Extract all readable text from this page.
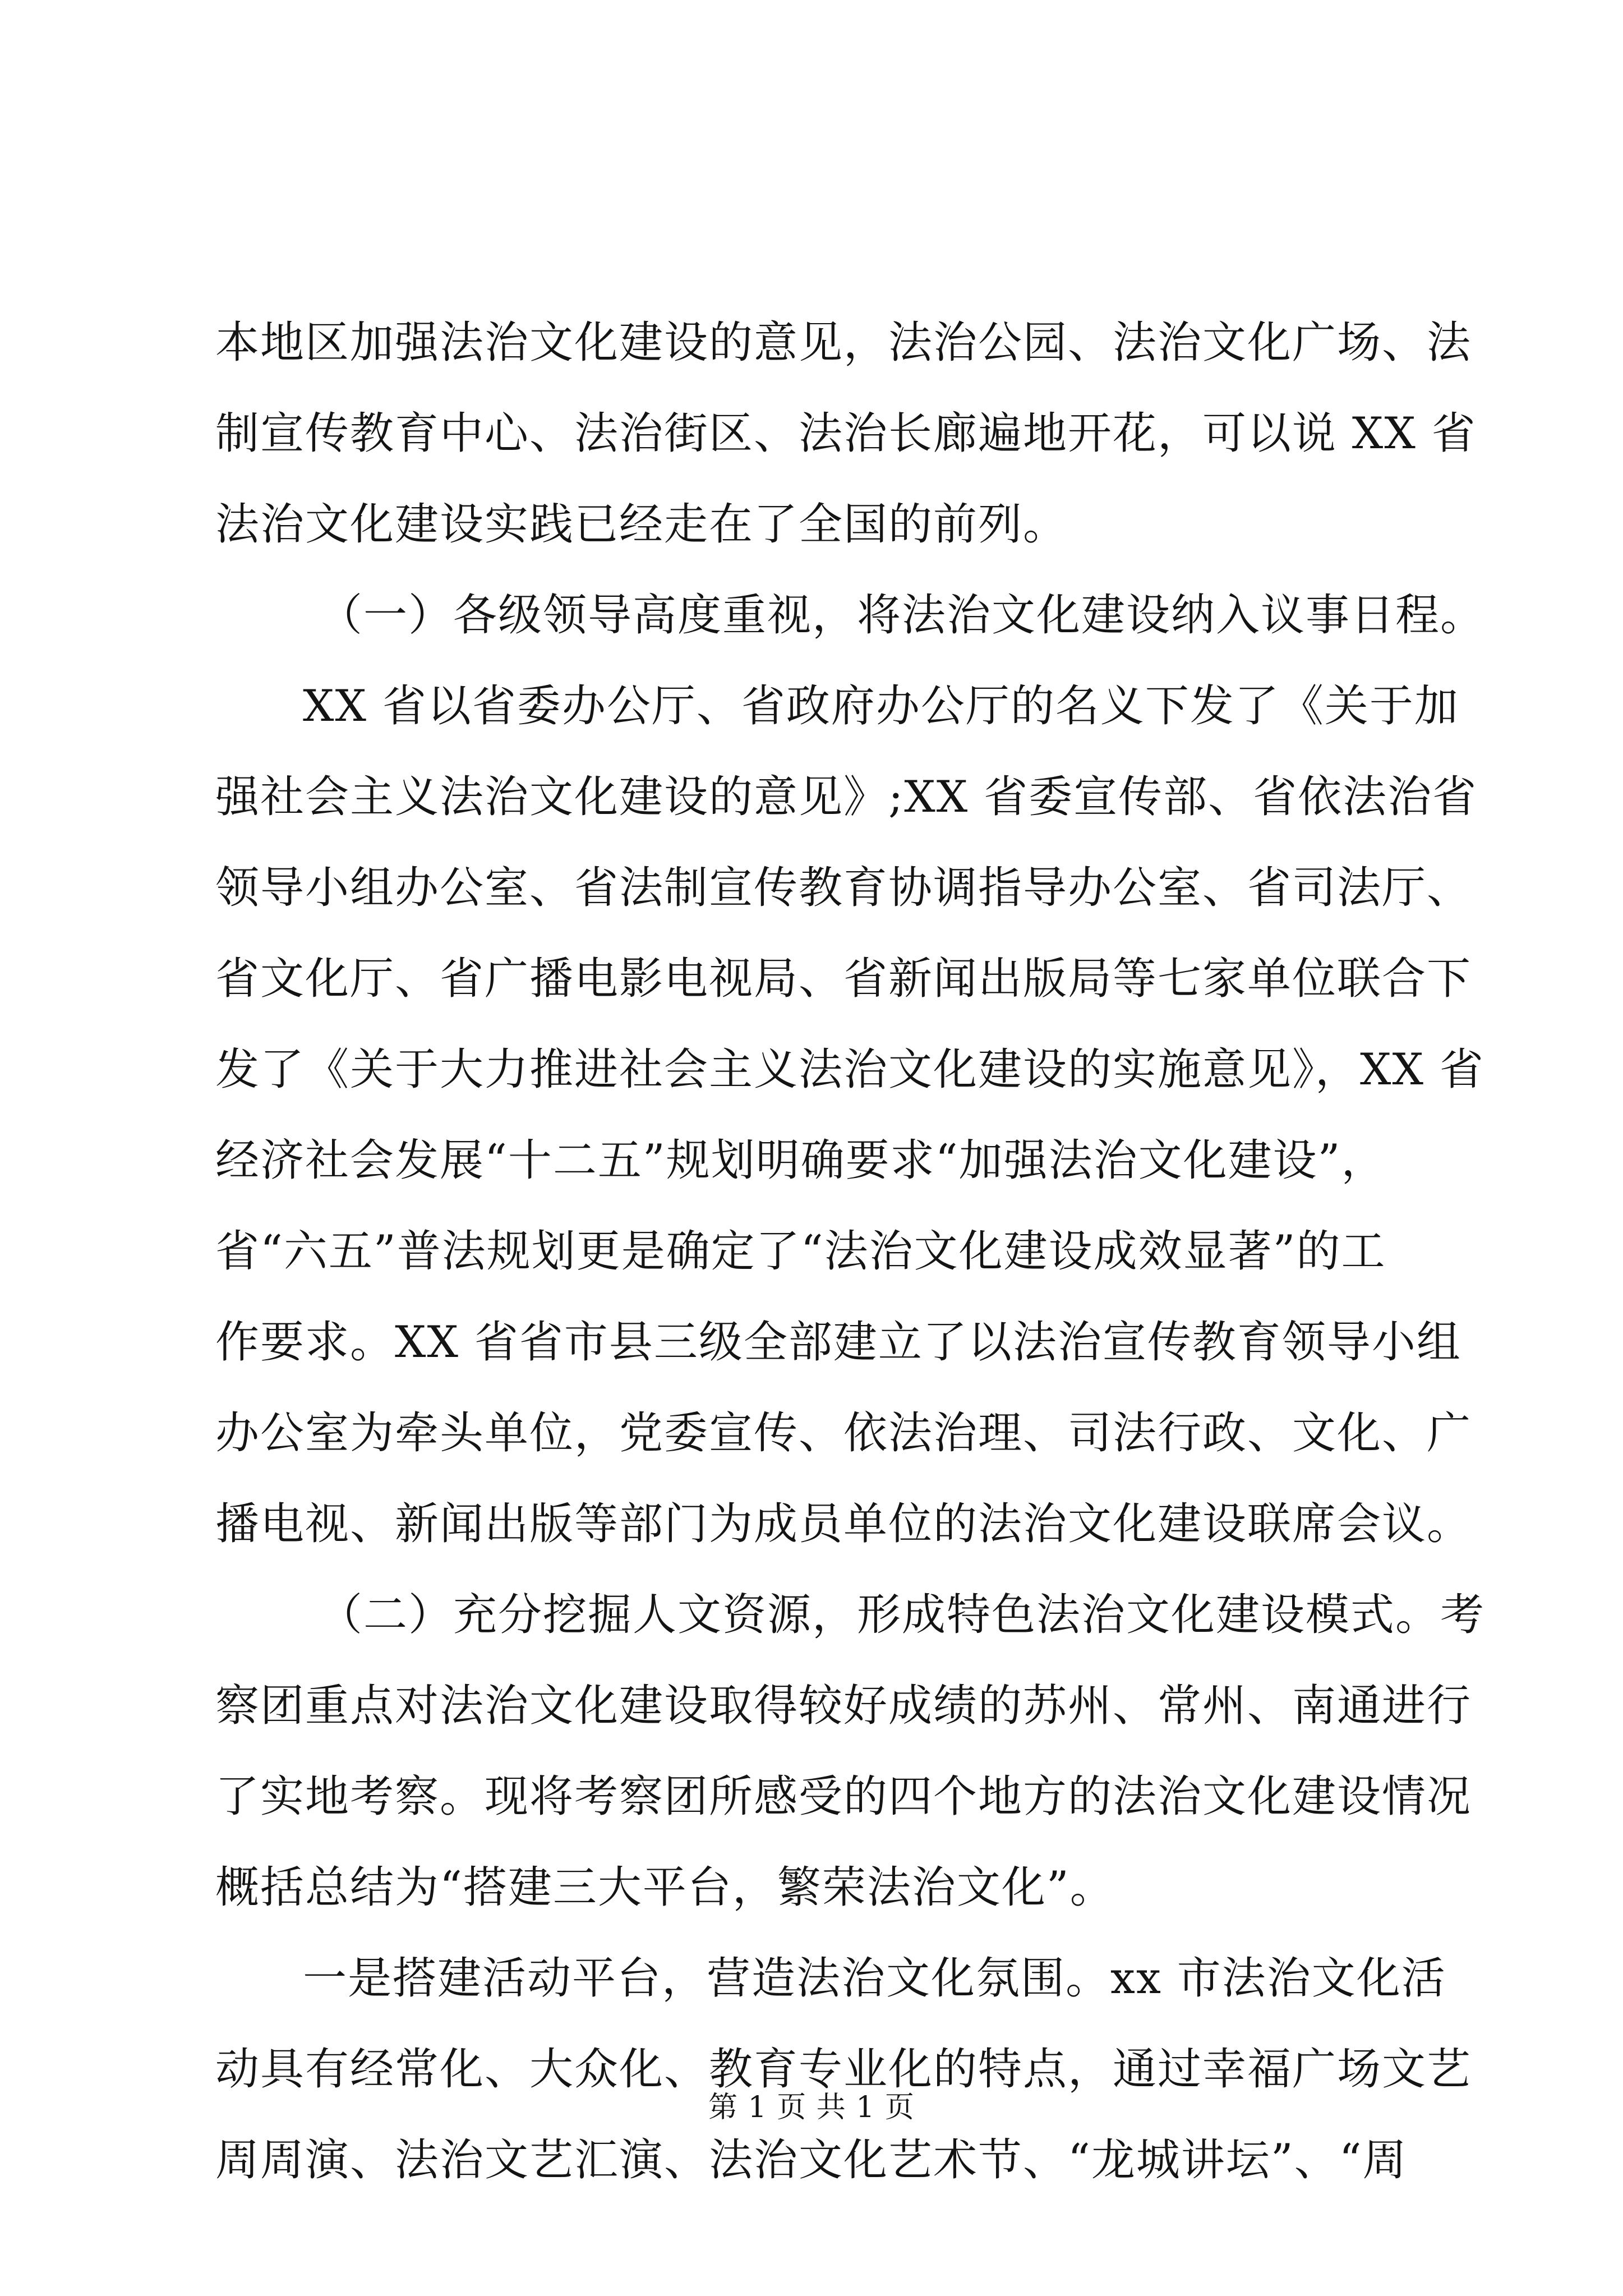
本地区加强法治文化建设的意见，法治公园、法治文化广场、法
制宣传教育中心、法治街区、法治长廊遍地开花，可以说 XX 省
法治文化建设实践已经走在了全国的前列。
（一）各级领导高度重视，将法治文化建设纳入议事日程。
XX 省以省委办公厅、省政府办公厅的名义下发了《关于加
强社会主义法治文化建设的意见》;XX 省委宣传部、省依法治省
领导小组办公室、省法制宣传教育协调指导办公室、省司法厅、
省文化厅、省广播电影电视局、省新闻出版局等七家单位联合下
发了《关于大力推进社会主义法治文化建设的实施意见》，XX 省
经济社会发展“十二五”规划明确要求“加强法治文化建设”，
省“六五”普法规划更是确定了“法治文化建设成效显著”的工
作要求。XX 省省市县三级全部建立了以法治宣传教育领导小组
办公室为牵头单位，党委宣传、依法治理、司法行政、文化、广
播电视、新闻出版等部门为成员单位的法治文化建设联席会议。
（二）充分挖掘人文资源，形成特色法治文化建设模式。考
察团重点对法治文化建设取得较好成绩的苏州、常州、南通进行
了实地考察。现将考察团所感受的四个地方的法治文化建设情况
概括总结为“搭建三大平台，繁荣法治文化”。
一是搭建活动平台，营造法治文化氛围。xx 市法治文化活
动具有经常化、大众化、教育专业化的特点，通过幸福广场文艺
周周演、法治文艺汇演、法治文化艺术节、“龙城讲坛”、“周
第 1 页 共 1 页
